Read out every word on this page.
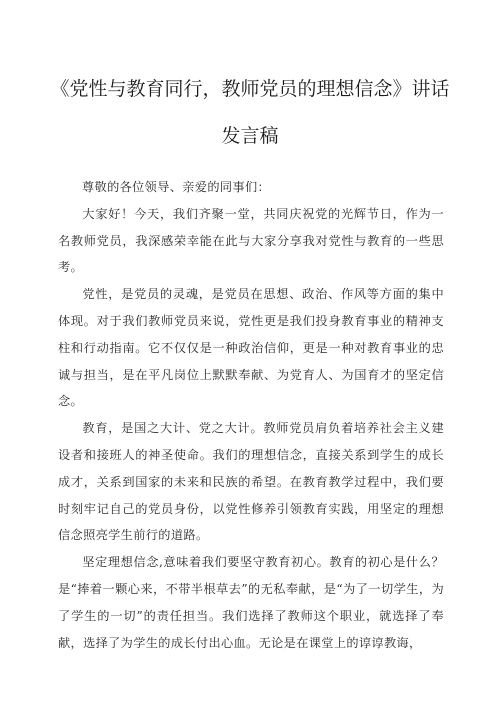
《党性与教育同行，教师党员的理想信念》讲话
发言稿

尊敬的各位领导、亲爱的同事们：

大家好！今天，我们齐聚一堂，共同庆祝党的光辉节日，作为一名教师党员，我深感荣幸能在此与大家分享我对党性与教育的一些思考。

党性，是党员的灵魂，是党员在思想、政治、作风等方面的集中体现。对于我们教师党员来说，党性更是我们投身教育事业的精神支柱和行动指南。它不仅仅是一种政治信仰，更是一种对教育事业的忠诚与担当，是在平凡岗位上默默奉献、为党育人、为国育才的坚定信念。

教育，是国之大计、党之大计。教师党员肩负着培养社会主义建设者和接班人的神圣使命。我们的理想信念，直接关系到学生的成长成才，关系到国家的未来和民族的希望。在教育教学过程中，我们要时刻牢记自己的党员身份，以党性修养引领教育实践，用坚定的理想信念照亮学生前行的道路。

坚定理想信念,意味着我们要坚守教育初心。教育的初心是什么？是“捧着一颗心来，不带半根草去”的无私奉献，是“为了一切学生，为了学生的一切”的责任担当。我们选择了教师这个职业，就选择了奉献，选择了为学生的成长付出心血。无论是在课堂上的谆谆教诲，
